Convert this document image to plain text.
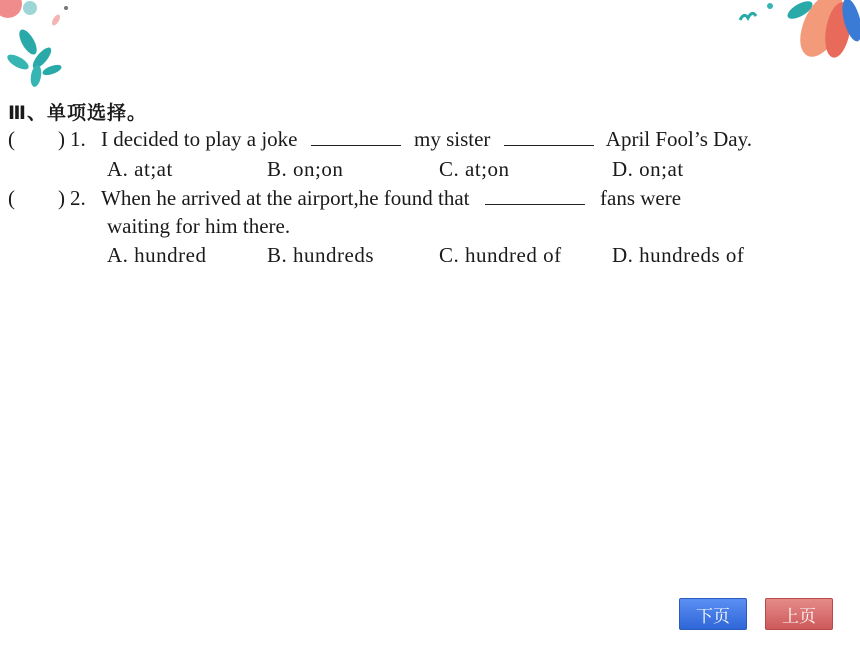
Ⅲ、单项选择。
( ) 1. I decided to play a joke	my sister	April Fool’s Day.
A. at;at	B. on;on	C. at;on	D. on;at
( ) 2. When he arrived at the airport,he found that	fans were
waiting for him there.
A. hundred	B. hundreds	C. hundred of D. hundreds of
下页	上页
